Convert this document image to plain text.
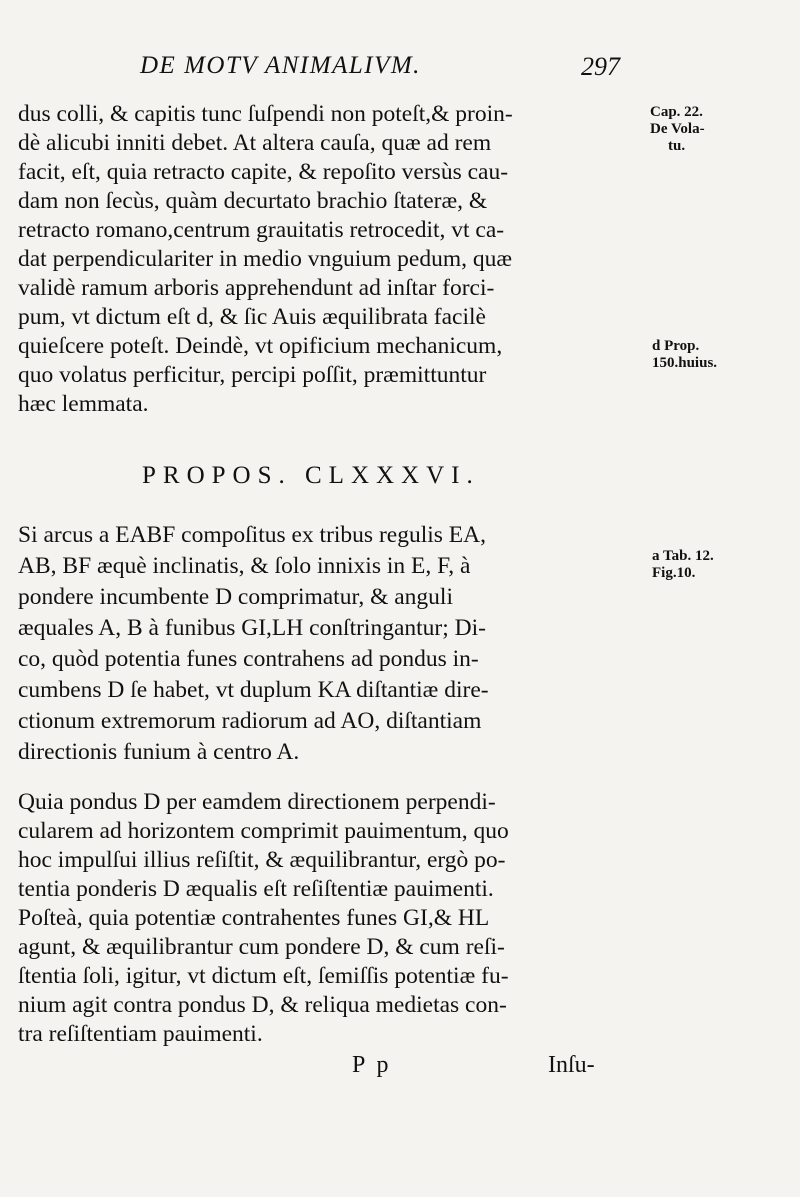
DE MOTV ANIMALIVM.	297
dus colli, & capitis tunc ſuſpendi non poteſt,& proin-
dè alicubi inniti debet. At altera cauſa, quæ ad rem
facit, eſt, quia retracto capite, & repoſito versùs cau-
dam non ſecùs, quàm decurtato brachio ſtateræ, &
retracto romano,centrum grauitatis retrocedit, vt ca-
dat perpendiculariter in medio vnguium pedum, quæ
validè ramum arboris apprehendunt ad inſtar forci-
pum, vt dictum eſt d, & ſic Auis æquilibrata facilè
quieſcere poteſt. Deindè, vt opificium mechanicum,
quo volatus perficitur, percipi poſſit, præmittuntur
hæc lemmata.
PROPOS. CLXXXVI.
Si arcus a EABF compoſitus ex tribus regulis EA,
AB, BF æquè inclinatis, & ſolo innixis in E, F, à
pondere incumbente D comprimatur, & anguli
æquales A, B à funibus GI,LH conſtringantur; Di-
co, quòd potentia funes contrahens ad pondus in-
cumbens D ſe habet, vt duplum KA diſtantiæ dire-
ctionum extremorum radiorum ad AO, diſtantiam
directionis funium à centro A.
Quia pondus D per eamdem directionem perpendi-
cularem ad horizontem comprimit pauimentum, quo
hoc impulſui illius reſiſtit, & æquilibrantur, ergò po-
tentia ponderis D æqualis eſt reſiſtentiæ pauimenti.
Poſteà, quia potentiæ contrahentes funes GI,& HL
agunt, & æquilibrantur cum pondere D, & cum reſi-
ſtentia ſoli, igitur, vt dictum eſt, ſemiſſis potentiæ fu-
nium agit contra pondus D, & reliqua medietas con-
tra reſiſtentiam pauimenti.
Cap. 22.
De Vola-
tu.
d Prop.
150.huius.
a Tab. 12.
Fig.10.
P p	Inſu-
